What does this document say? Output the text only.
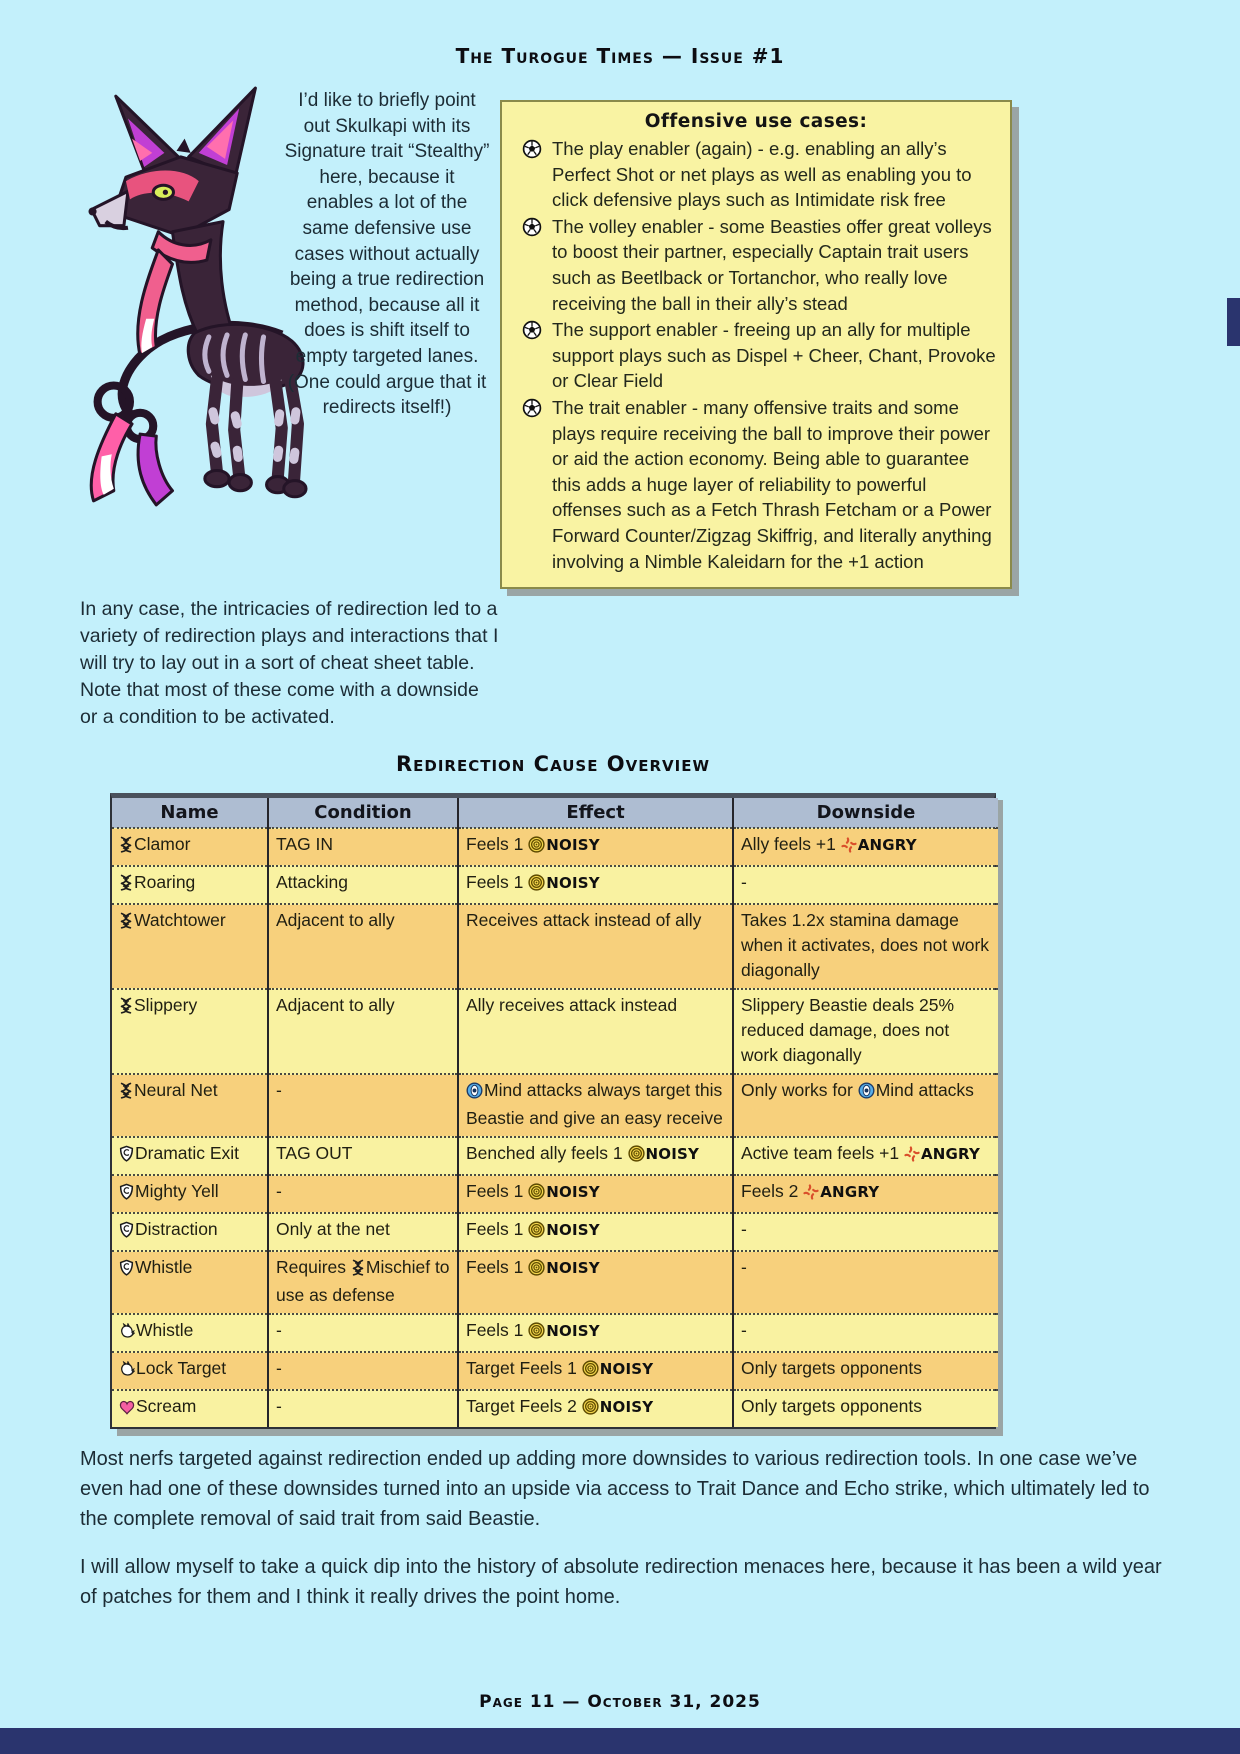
The Turogue Times — Issue #1
I’d like to briefly point out Skulkapi with its Signature trait “Stealthy” here, because it enables a lot of the same defensive use cases without actually being a true redirection method, because all it does is shift itself to empty targeted lanes. (One could argue that it redirects itself!)

In any case, the intricacies of redirection led to a variety of redirection plays and interactions that I will try to lay out in a sort of cheat sheet table. Note that most of these come with a downside or a condition to be activated.

Offensive use cases:
The play enabler (again) - e.g. enabling an ally’s Perfect Shot or net plays as well as enabling you to click defensive plays such as Intimidate risk free
The volley enabler - some Beasties offer great volleys to boost their partner, especially Captain trait users such as Beetlback or Tortanchor, who really love receiving the ball in their ally’s stead
The support enabler - freeing up an ally for multiple support plays such as Dispel + Cheer, Chant, Provoke or Clear Field
The trait enabler - many offensive traits and some plays require receiving the ball to improve their power or aid the action economy. Being able to guarantee this adds a huge layer of reliability to powerful offenses such as a Fetch Thrash Fetcham or a Power Forward Counter/Zigzag Skiffrig, and literally anything involving a Nimble Kaleidarn for the +1 action
Redirection Cause Overview
Name	Condition	Effect	Downside
Clamor	TAG IN	Feels 1 NOISY	Ally feels +1 ANGRY
Roaring	Attacking	Feels 1 NOISY	-
Watchtower	Adjacent to ally	Receives attack instead of ally	Takes 1.2x stamina damage when it activates, does not work diagonally
Slippery	Adjacent to ally	Ally receives attack instead	Slippery Beastie deals 25% reduced damage, does not work diagonally
Neural Net	-	Mind attacks always target this Beastie and give an easy receive	Only works for Mind attacks
Dramatic Exit	TAG OUT	Benched ally feels 1 NOISY	Active team feels +1 ANGRY
Mighty Yell	-	Feels 1 NOISY	Feels 2 ANGRY
Distraction	Only at the net	Feels 1 NOISY	-
Whistle	Requires Mischief to use as defense	Feels 1 NOISY	-
Whistle	-	Feels 1 NOISY	-
Lock Target	-	Target Feels 1 NOISY	Only targets opponents
Scream	-	Target Feels 2 NOISY	Only targets opponents

Most nerfs targeted against redirection ended up adding more downsides to various redirection tools. In one case we’ve even had one of these downsides turned into an upside via access to Trait Dance and Echo strike, which ultimately led to the complete removal of said trait from said Beastie.

I will allow myself to take a quick dip into the history of absolute redirection menaces here, because it has been a wild year of patches for them and I think it really drives the point home.

Page 11 — October 31, 2025
